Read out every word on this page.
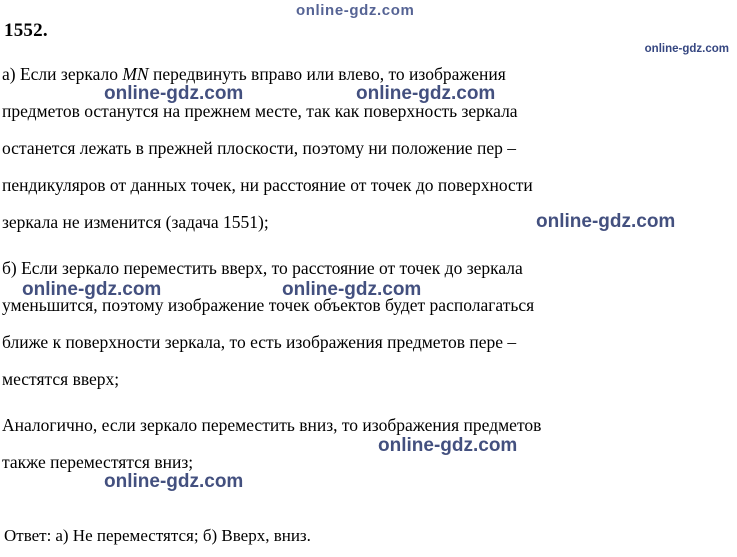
1552.
а) Если зеркало MN передвинуть вправо или влево, то изображения
предметов останутся на прежнем месте, так как поверхность зеркала
останется лежать в прежней плоскости, поэтому ни положение пер –
пендикуляров от данных точек, ни расстояние от точек до поверхности
зеркала не изменится (задача 1551);
б) Если зеркало переместить вверх, то расстояние от точек до зеркала
уменьшится, поэтому изображение точек объектов будет располагаться
ближе к поверхности зеркала, то есть изображения предметов пере –
местятся вверх;
Аналогично, если зеркало переместить вниз, то изображения предметов
также переместятся вниз;
Ответ: а) Не переместятся; б) Вверх, вниз.
online-gdz.com
online-gdz.com
online-gdz.com	online-gdz.com
online-gdz.com
online-gdz.com	online-gdz.com
online-gdz.com
online-gdz.com
